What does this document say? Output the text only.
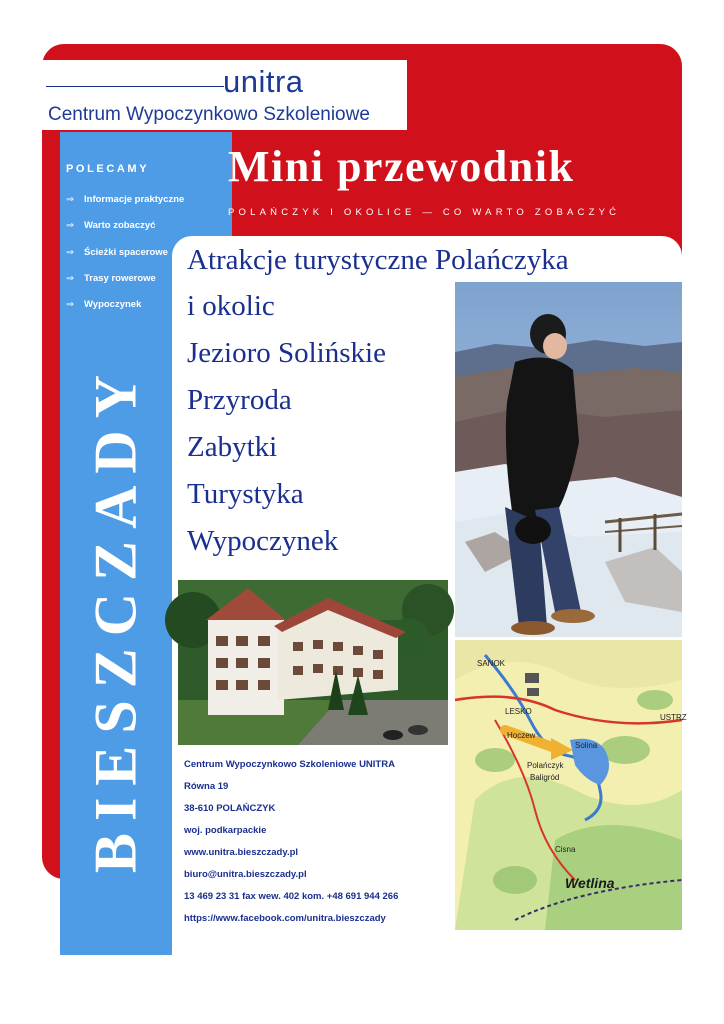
unitra
Centrum Wypoczynkowo Szkoleniowe
POLECAMY
⇒ Informacje praktyczne
⇒ Warto zobaczyć
⇒ Ścieżki spacerowe
⇒ Trasy rowerowe
⇒ Wypoczynek
BIESZCZADY
Mini przewodnik
POLAŃCZYK I OKOLICE — CO WARTO ZOBACZYĆ
Atrakcje turystyczne Polańczyka
i okolic
Jezioro Solińskie
Przyroda
Zabytki
Turystyka
Wypoczynek
SANOK
LESKO
Hoczew
Solina
Polańczyk
Baligród
Cisna
USTRZ
Wetlina
Centrum Wypoczynkowo Szkoleniowe UNITRA
Równa 19
38-610 POLAŃCZYK
woj. podkarpackie
www.unitra.bieszczady.pl
biuro@unitra.bieszczady.pl
13 469 23 31 fax wew. 402 kom. +48 691 944 266
https://www.facebook.com/unitra.bieszczady
